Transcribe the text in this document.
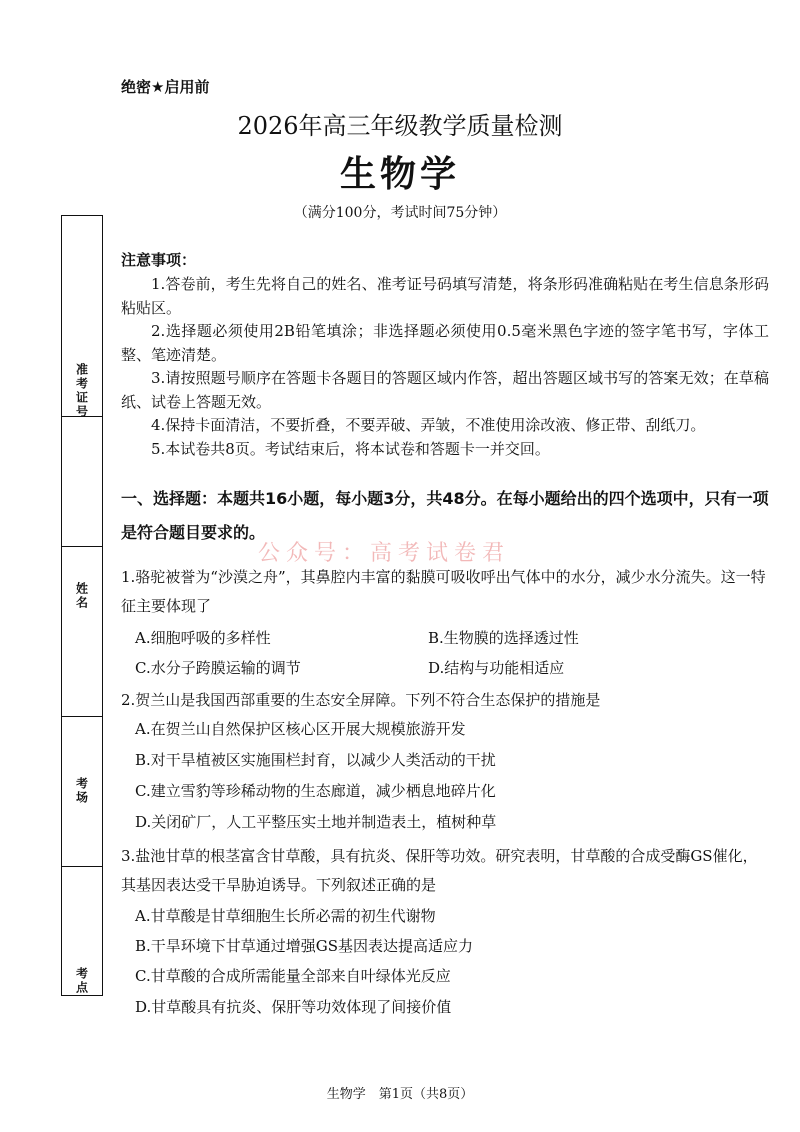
绝密★启用前
2026年高三年级教学质量检测
生物学
（满分100分，考试时间75分钟）
准考证号
姓名
考场
考点
注意事项：
1.答卷前，考生先将自己的姓名、准考证号码填写清楚，将条形码准确粘贴在考生信息条形码粘贴区。
2.选择题必须使用2B铅笔填涂；非选择题必须使用0.5毫米黑色字迹的签字笔书写，字体工整、笔迹清楚。
3.请按照题号顺序在答题卡各题目的答题区域内作答，超出答题区域书写的答案无效；在草稿纸、试卷上答题无效。
4.保持卡面清洁，不要折叠，不要弄破、弄皱，不准使用涂改液、修正带、刮纸刀。
5.本试卷共8页。考试结束后，将本试卷和答题卡一并交回。
一、选择题：本题共16小题，每小题3分，共48分。在每小题给出的四个选项中，只有一项是符合题目要求的。
公众号：高考试卷君
1.骆驼被誉为“沙漠之舟”，其鼻腔内丰富的黏膜可吸收呼出气体中的水分，减少水分流失。这一特征主要体现了
A.细胞呼吸的多样性	B.生物膜的选择透过性
C.水分子跨膜运输的调节	D.结构与功能相适应
2.贺兰山是我国西部重要的生态安全屏障。下列不符合生态保护的措施是
A.在贺兰山自然保护区核心区开展大规模旅游开发
B.对干旱植被区实施围栏封育，以减少人类活动的干扰
C.建立雪豹等珍稀动物的生态廊道，减少栖息地碎片化
D.关闭矿厂，人工平整压实土地并制造表土，植树种草
3.盐池甘草的根茎富含甘草酸，具有抗炎、保肝等功效。研究表明，甘草酸的合成受酶GS催化，其基因表达受干旱胁迫诱导。下列叙述正确的是
A.甘草酸是甘草细胞生长所必需的初生代谢物
B.干旱环境下甘草通过增强GS基因表达提高适应力
C.甘草酸的合成所需能量全部来自叶绿体光反应
D.甘草酸具有抗炎、保肝等功效体现了间接价值
生物学　第1页（共8页）
